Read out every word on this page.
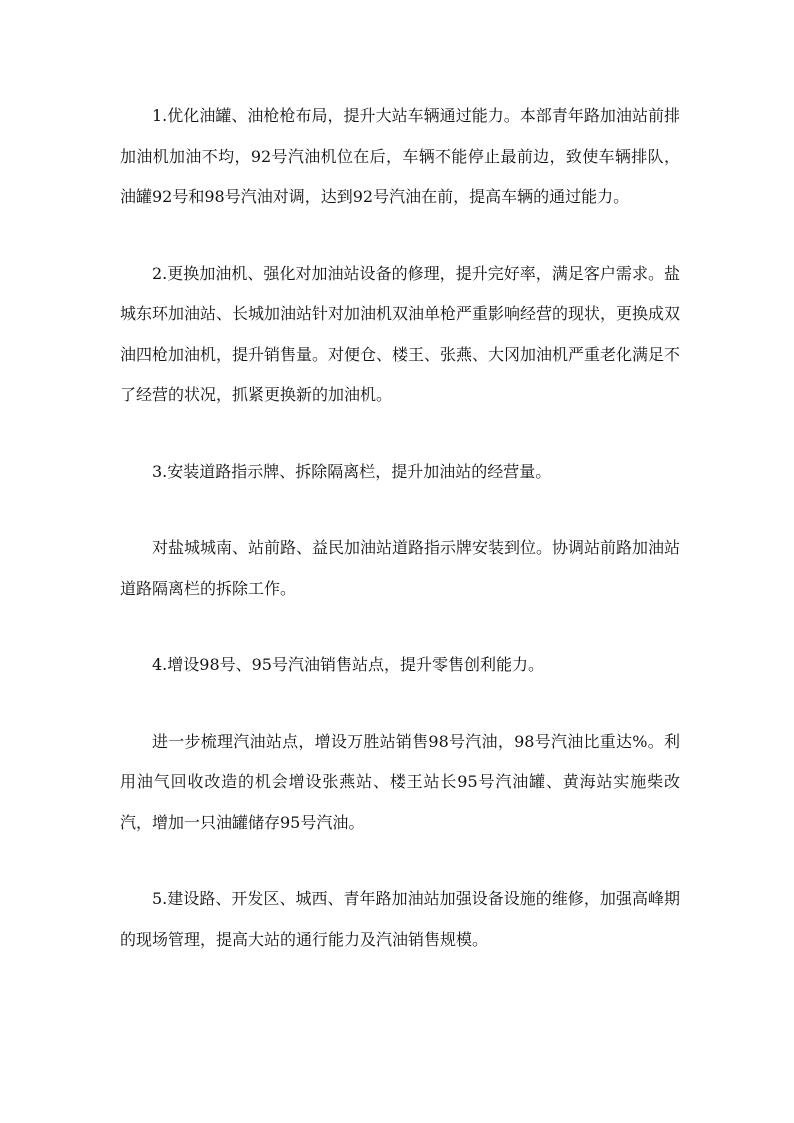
1.优化油罐、油枪枪布局，提升大站车辆通过能力。本部青年路加油站前排加油机加油不均，92号汽油机位在后，车辆不能停止最前边，致使车辆排队，油罐92号和98号汽油对调，达到92号汽油在前，提高车辆的通过能力。

2.更换加油机、强化对加油站设备的修理，提升完好率，满足客户需求。盐城东环加油站、长城加油站针对加油机双油单枪严重影响经营的现状，更换成双油四枪加油机，提升销售量。对便仓、楼王、张燕、大冈加油机严重老化满足不了经营的状况，抓紧更换新的加油机。

3.安装道路指示牌、拆除隔离栏，提升加油站的经营量。

对盐城城南、站前路、益民加油站道路指示牌安装到位。协调站前路加油站道路隔离栏的拆除工作。

4.增设98号、95号汽油销售站点，提升零售创利能力。

进一步梳理汽油站点，增设万胜站销售98号汽油，98号汽油比重达%。利用油气回收改造的机会增设张燕站、楼王站长95号汽油罐、黄海站实施柴改汽，增加一只油罐储存95号汽油。

5.建设路、开发区、城西、青年路加油站加强设备设施的维修，加强高峰期的现场管理，提高大站的通行能力及汽油销售规模。
